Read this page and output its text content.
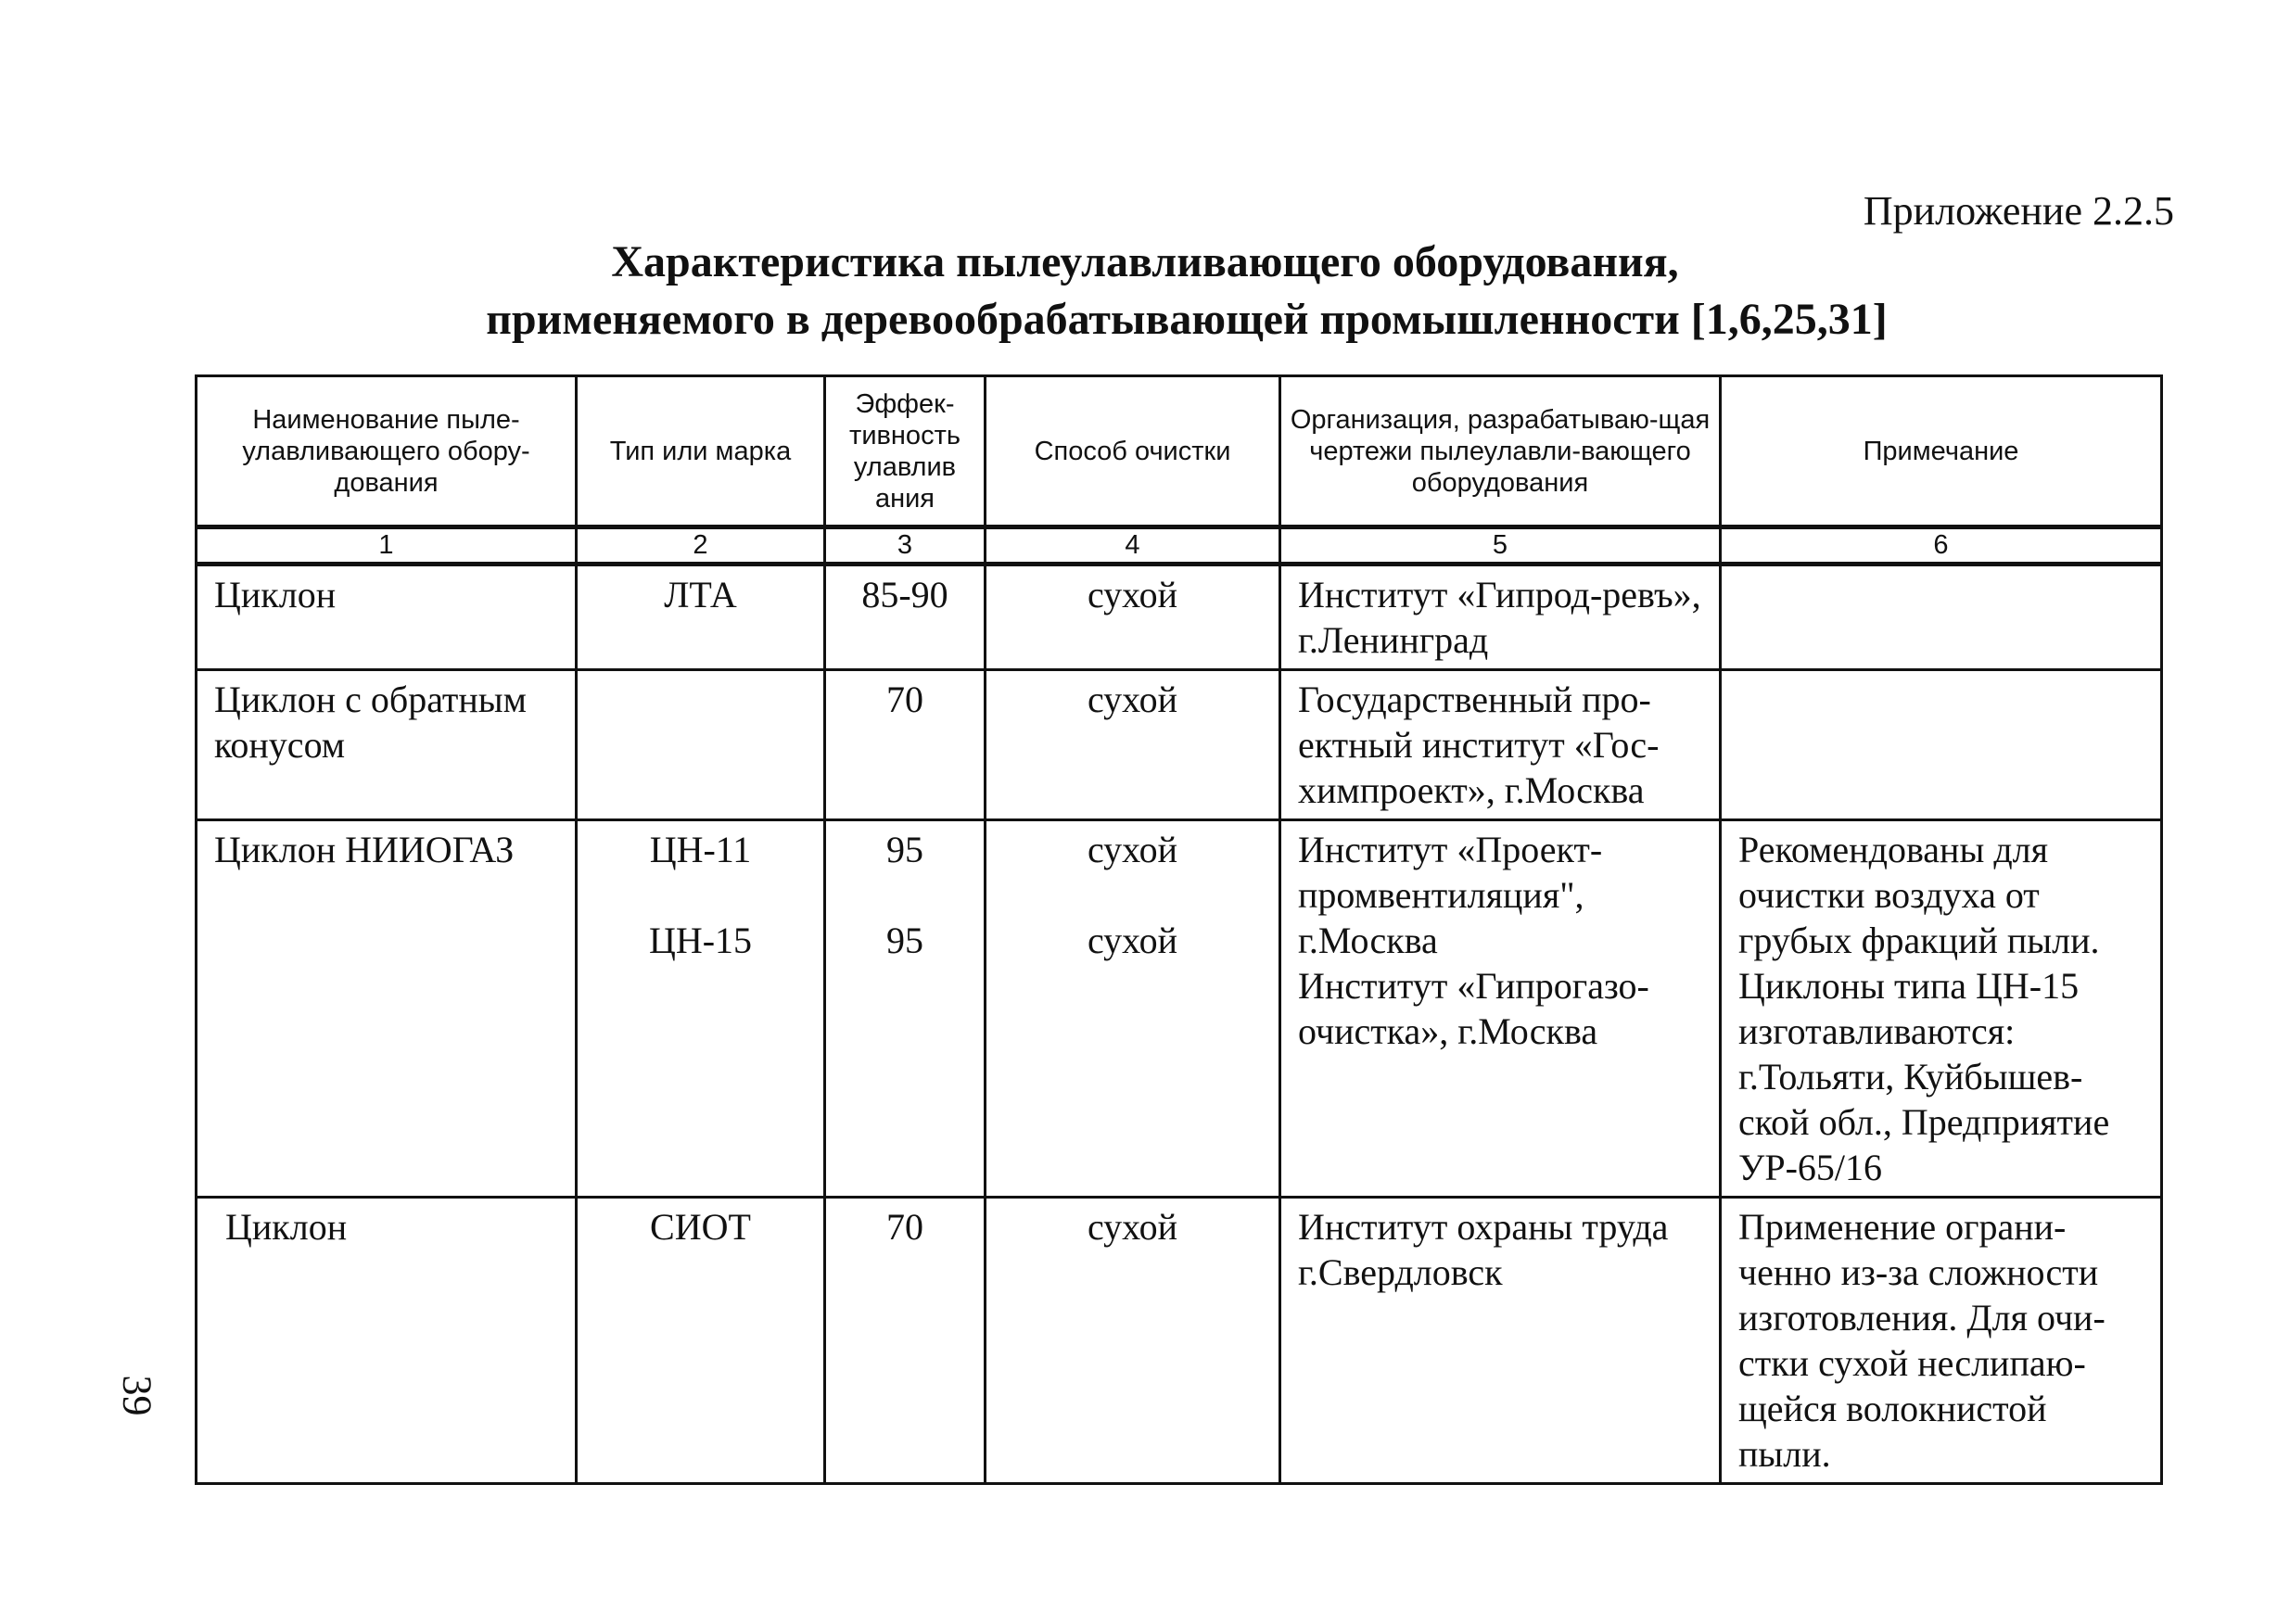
Приложение 2.2.5
Характеристика пылеулавливающего оборудования,
применяемого в деревообрабатывающей промышленности [1,6,25,31]
39
Наименование пыле-улавливающего обору-дования	Тип или марка	Эффек-тивность улавлив ания	Способ очистки	Организация, разрабатываю-щая чертежи пылеулавли-вающего оборудования	Примечание
1	2	3	4	5	6
Циклон	ЛТА	85-90	сухой	Институт «Гипрод-ревъ», г.Ленинград	
Циклон с обратным конусом		70	сухой	Государственный про-ектный институт «Гос-химпроект», г.Москва	
Циклон НИИОГАЗ	ЦН-11
ЦН-15	95
95	сухой
сухой	Институт «Проект-промвентиляция", г.Москва
Институт «Гипрогазо-очистка», г.Москва	Рекомендованы для очистки воздуха от грубых фракций пыли. Циклоны типа ЦН-15 изготавливаются: г.Тольяти, Куйбышев-ской обл., Предприятие УР-65/16
Циклон	СИОТ	70	сухой	Институт охраны труда г.Свердловск	Применение ограни-ченно из-за сложности изготовления. Для очи-стки сухой неслипаю-щейся волокнистой пыли.
